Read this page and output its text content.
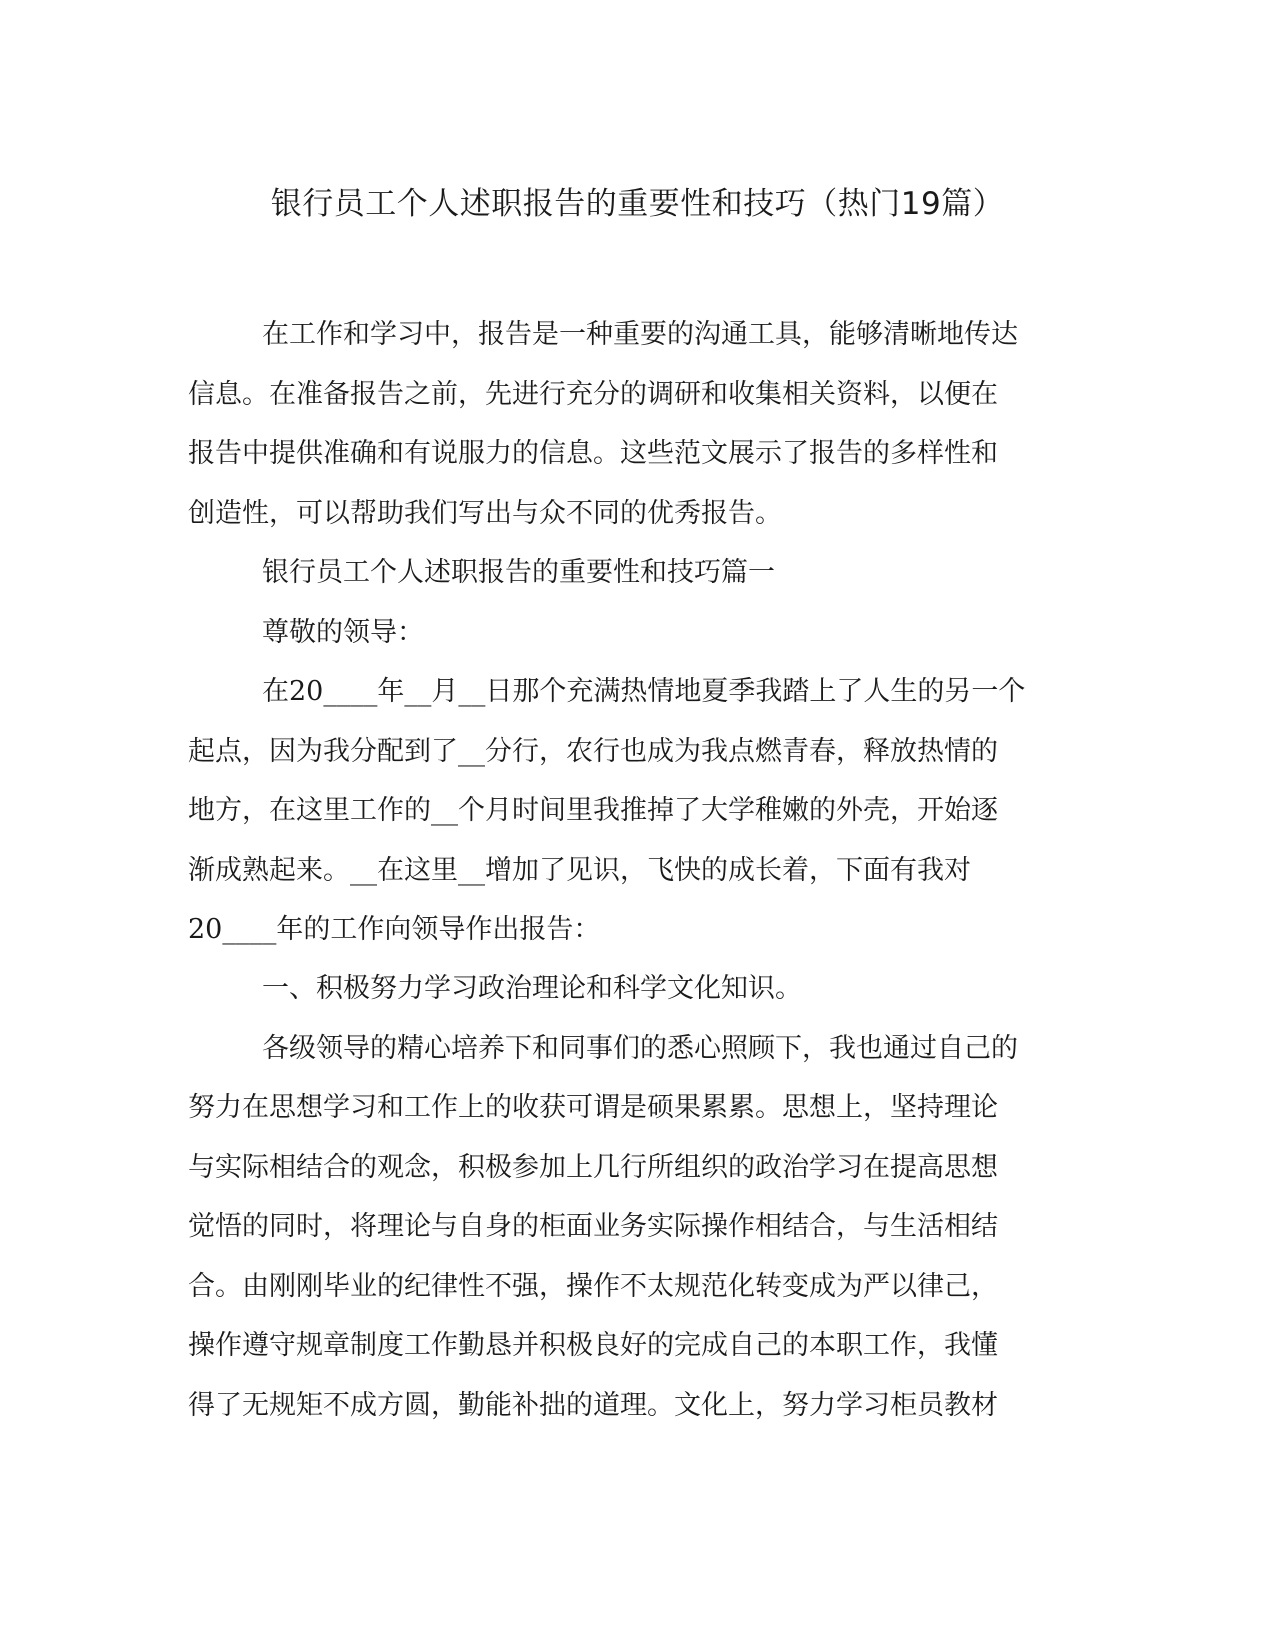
银行员工个人述职报告的重要性和技巧（热门19篇）
在工作和学习中，报告是一种重要的沟通工具，能够清晰地传达
信息。在准备报告之前，先进行充分的调研和收集相关资料，以便在
报告中提供准确和有说服力的信息。这些范文展示了报告的多样性和
创造性，可以帮助我们写出与众不同的优秀报告。
银行员工个人述职报告的重要性和技巧篇一
尊敬的领导：
在20____年__月__日那个充满热情地夏季我踏上了人生的另一个
起点，因为我分配到了__分行，农行也成为我点燃青春，释放热情的
地方，在这里工作的__个月时间里我推掉了大学稚嫩的外壳，开始逐
渐成熟起来。__在这里__增加了见识，飞快的成长着，下面有我对
20____年的工作向领导作出报告：
一、积极努力学习政治理论和科学文化知识。
各级领导的精心培养下和同事们的悉心照顾下，我也通过自己的
努力在思想学习和工作上的收获可谓是硕果累累。思想上，坚持理论
与实际相结合的观念，积极参加上几行所组织的政治学习在提高思想
觉悟的同时，将理论与自身的柜面业务实际操作相结合，与生活相结
合。由刚刚毕业的纪律性不强，操作不太规范化转变成为严以律己，
操作遵守规章制度工作勤恳并积极良好的完成自己的本职工作，我懂
得了无规矩不成方圆，勤能补拙的道理。文化上，努力学习柜员教材
